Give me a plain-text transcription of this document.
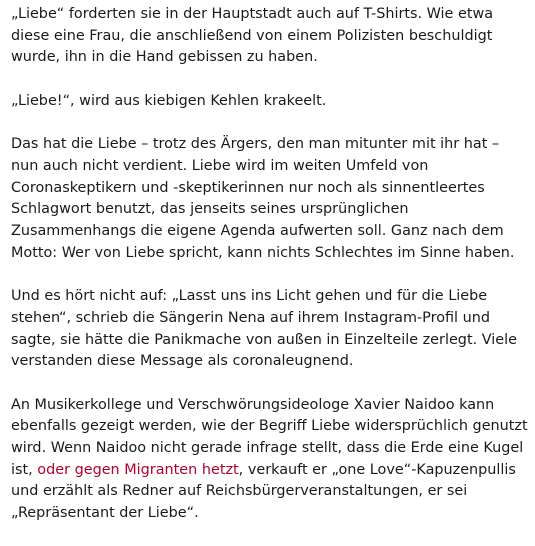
„Liebe“ forderten sie in der Hauptstadt auch auf T-Shirts. Wie etwa diese eine Frau, die anschließend von einem Polizisten beschuldigt wurde, ihn in die Hand gebissen zu haben.

„Liebe!“, wird aus kiebigen Kehlen krakeelt.

Das hat die Liebe – trotz des Ärgers, den man mitunter mit ihr hat – nun auch nicht verdient. Liebe wird im weiten Umfeld von Coronaskeptikern und -skeptikerinnen nur noch als sinnentleertes Schlagwort benutzt, das jenseits seines ursprünglichen Zusammenhangs die eigene Agenda aufwerten soll. Ganz nach dem Motto: Wer von Liebe spricht, kann nichts Schlechtes im Sinne haben.

Und es hört nicht auf: „Lasst uns ins Licht gehen und für die Liebe stehen“, schrieb die Sängerin Nena auf ihrem Instagram-Profil und sagte, sie hätte die Panikmache von außen in Einzelteile zerlegt. Viele verstanden diese Message als coronaleugnend.

An Musikerkollege und Verschwörungsideologe Xavier Naidoo kann ebenfalls gezeigt werden, wie der Begriff Liebe widersprüchlich genutzt wird. Wenn Naidoo nicht gerade infrage stellt, dass die Erde eine Kugel ist, oder gegen Migranten hetzt, verkauft er „one Love“-Kapuzenpullis und erzählt als Redner auf Reichsbürgerveranstaltungen, er sei „Repräsentant der Liebe“.
